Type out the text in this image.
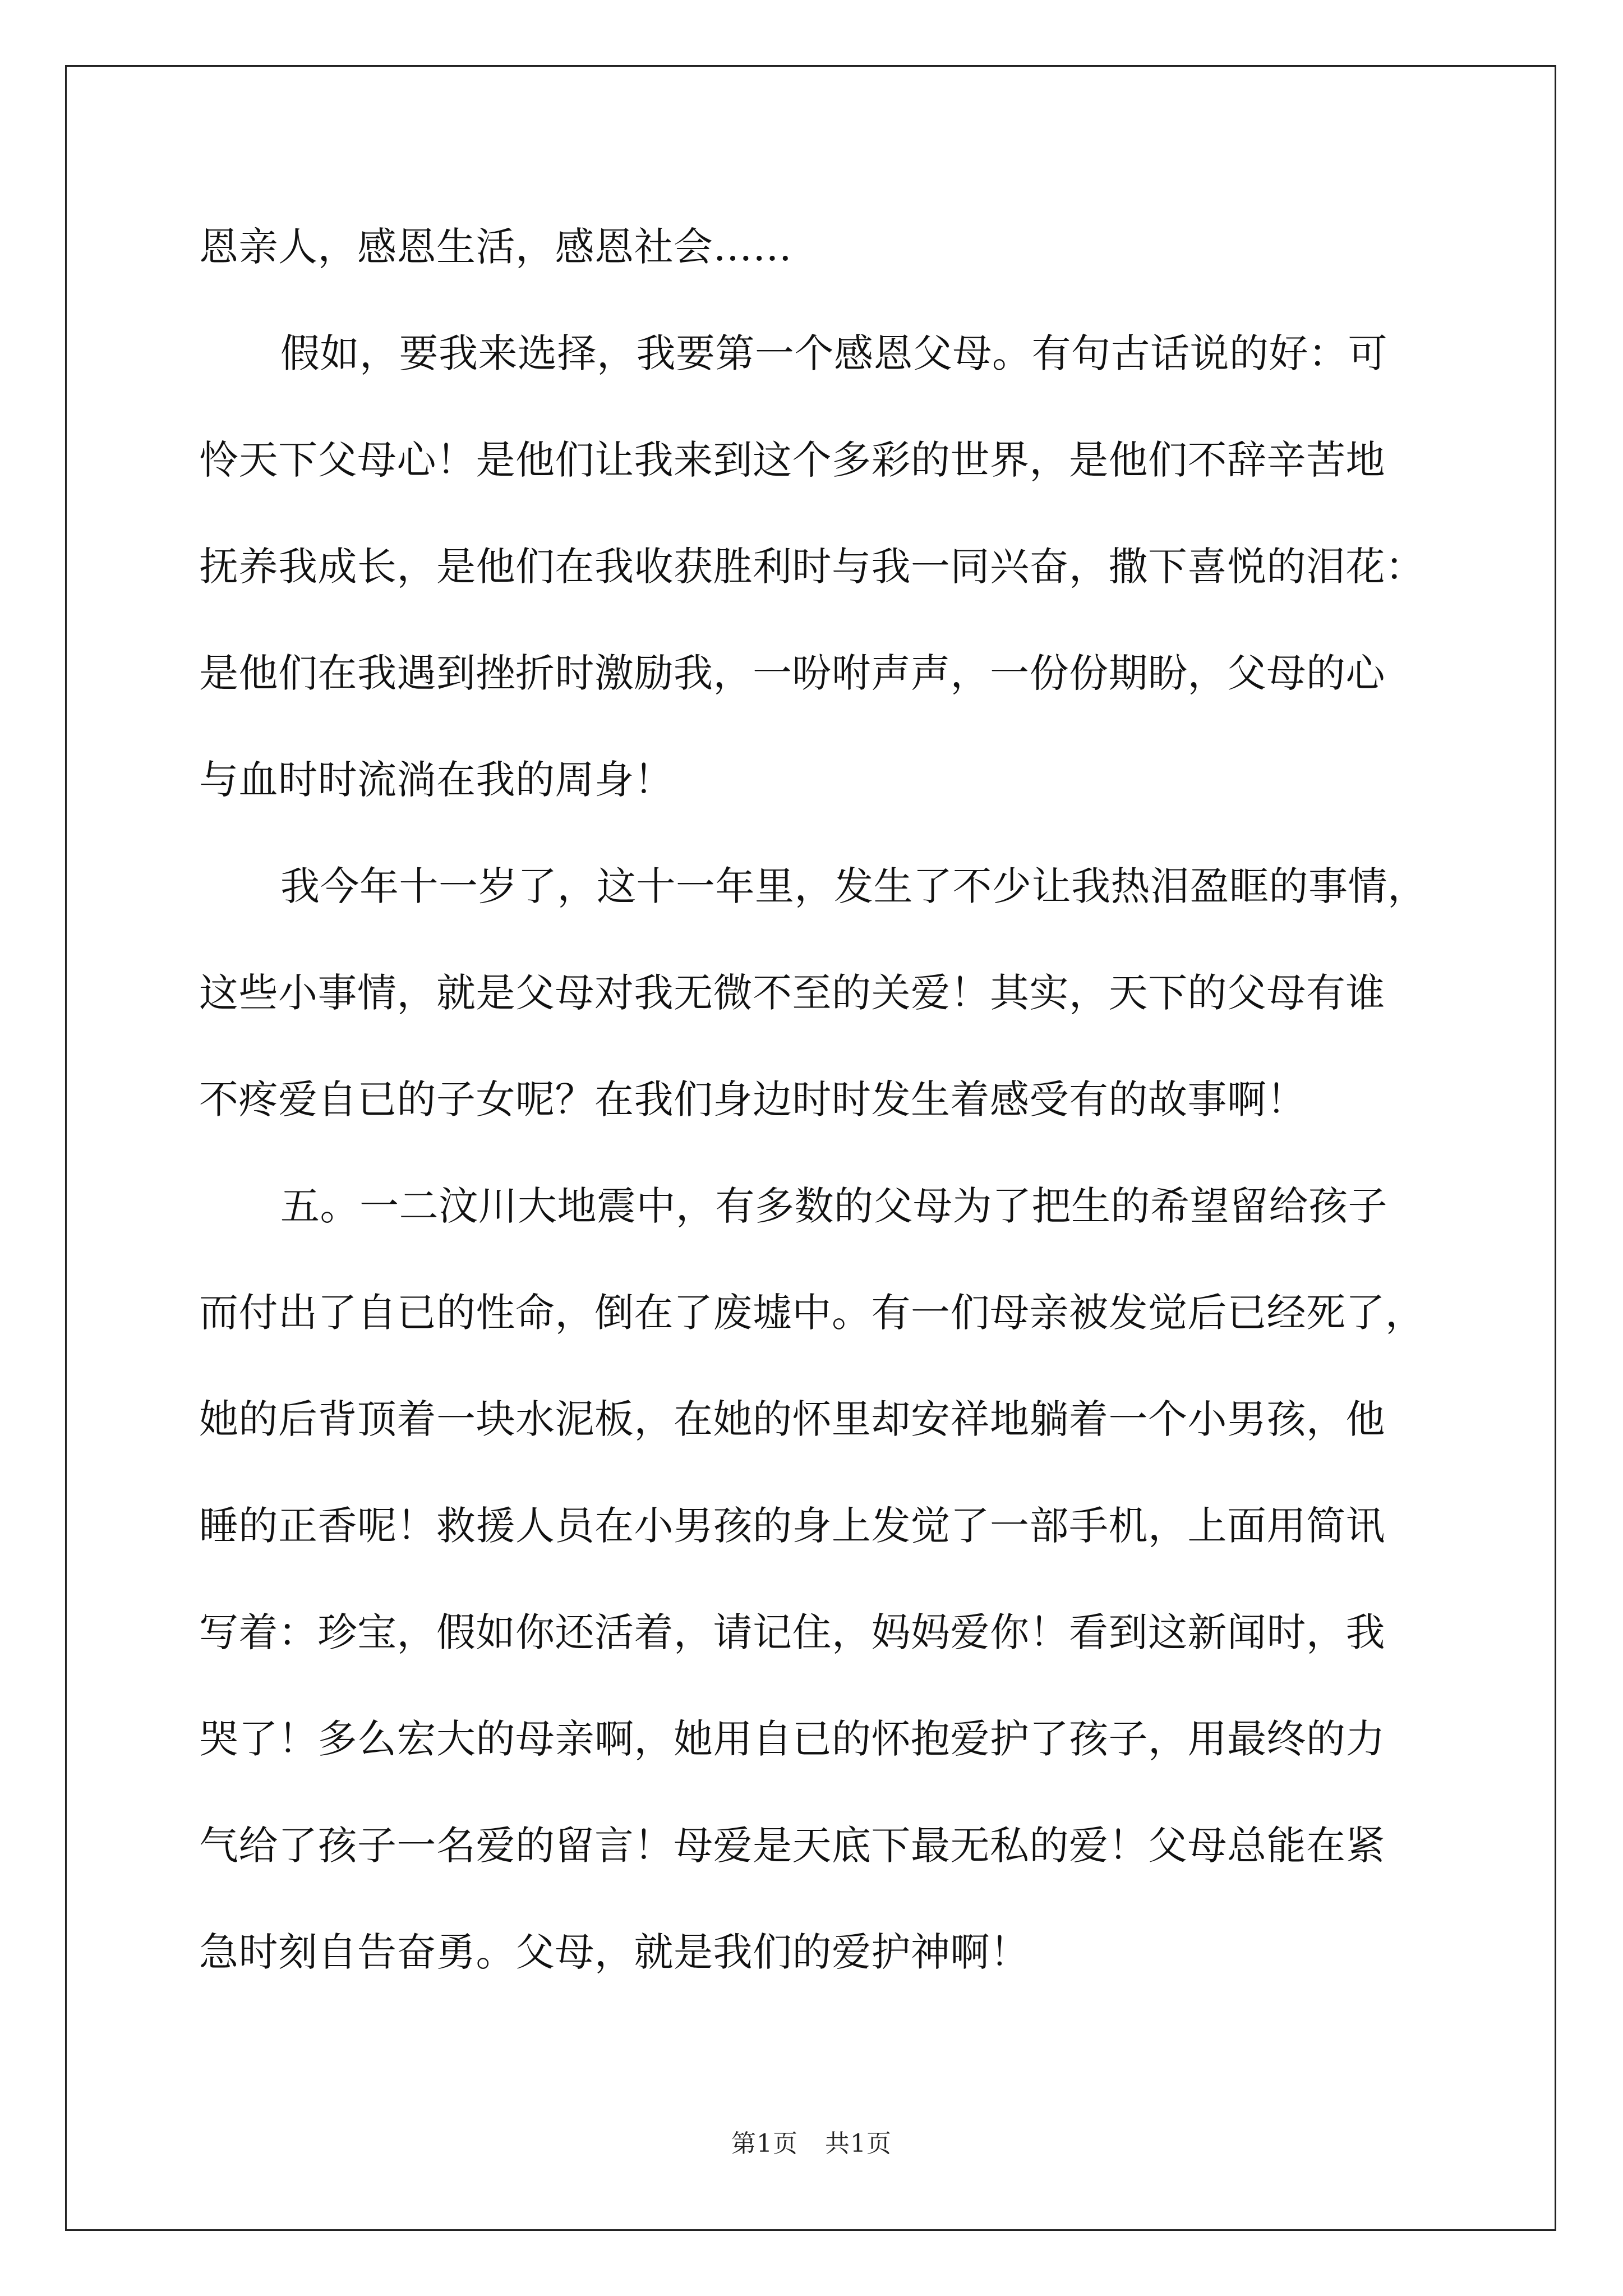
恩亲人，感恩生活，感恩社会……
假如，要我来选择，我要第一个感恩父母。有句古话说的好：可
怜天下父母心！是他们让我来到这个多彩的世界，是他们不辞辛苦地
抚养我成长，是他们在我收获胜利时与我一同兴奋，撒下喜悦的泪花：
是他们在我遇到挫折时激励我，一吩咐声声，一份份期盼，父母的心
与血时时流淌在我的周身！
我今年十一岁了，这十一年里，发生了不少让我热泪盈眶的事情，
这些小事情，就是父母对我无微不至的关爱！其实，天下的父母有谁
不疼爱自已的子女呢？在我们身边时时发生着感受有的故事啊！
五。一二汶川大地震中，有多数的父母为了把生的希望留给孩子
而付出了自已的性命，倒在了废墟中。有一们母亲被发觉后已经死了，
她的后背顶着一块水泥板，在她的怀里却安祥地躺着一个小男孩，他
睡的正香呢！救援人员在小男孩的身上发觉了一部手机，上面用简讯
写着：珍宝，假如你还活着，请记住，妈妈爱你！看到这新闻时，我
哭了！多么宏大的母亲啊，她用自已的怀抱爱护了孩子，用最终的力
气给了孩子一名爱的留言！母爱是天底下最无私的爱！父母总能在紧
急时刻自告奋勇。父母，就是我们的爱护神啊！
第1页 共1页
